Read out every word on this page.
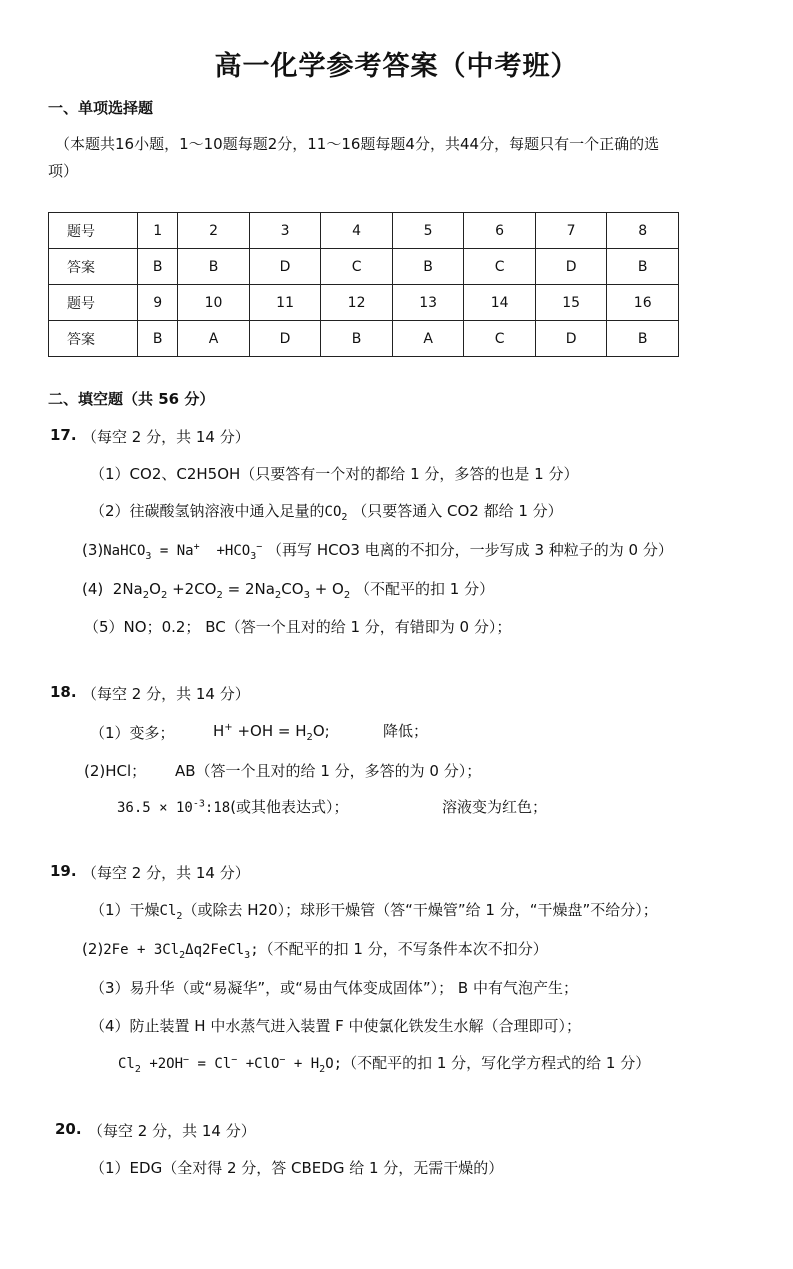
高一化学参考答案（中考班）
一、单项选择题
（本题共16小题，1～10题每题2分，11～16题每题4分，共44分，每题只有一个正确的选
项）
题号	1	2	3	4	5	6	7	8
答案	B	B	D	C	B	C	D	B
题号	9	10	11	12	13	14	15	16
答案	B	A	D	B	A	C	D	B
二、填空题（共 56 分）
17. （每空 2 分，共 14 分）
（1）CO2、C2H5OH（只要答有一个对的都给 1 分，多答的也是 1 分）
（2）往碳酸氢钠溶液中通入足量的$CO_2$ （只要答通入 CO2 都给 1 分）
(3)NaHCO$_3$ = $Na^+ +HCO_3^-$ （再写 HCO3 电离的不扣分，一步写成 3 种粒子的为 0 分）
(4)  $2Na_2O_2 +2CO_2 = 2Na_2CO_3 + O_2$ （不配平的扣 1 分）
（5）NO；0.2； BC（答一个且对的给 1 分，有错即为 0 分）；
18. （每空 2 分，共 14 分）
（1）变多；	$H^+ +OH = H_2O$;	降低；
(2)HCl； AB（答一个且对的给 1 分，多答的为 0 分）；
$36.5 \times 10^{-3}:18$(或其他表达式）；	溶液变为红色；
19. （每空 2 分，共 14 分）
（1）干燥$Cl_2$（或除去 H20）；球形干燥管（答“干燥管”给 1 分，“干燥盘”不给分）；
$(2)2Fe + 3Cl_2\Delta q2FeCl_3$;（不配平的扣 1 分，不写条件本次不扣分）
（3）易升华（或“易凝华”，或“易由气体变成固体”）； B 中有气泡产生；
（4）防止装置 H 中水蒸气进入装置 F 中使氯化铁发生水解（合理即可）；
$Cl_2 +2OH^- = Cl^- +ClO^-$ + $H_2O$;（不配平的扣 1 分，写化学方程式的给 1 分）
20. （每空 2 分，共 14 分）
（1）EDG（全对得 2 分，答 CBEDG 给 1 分，无需干燥的）
